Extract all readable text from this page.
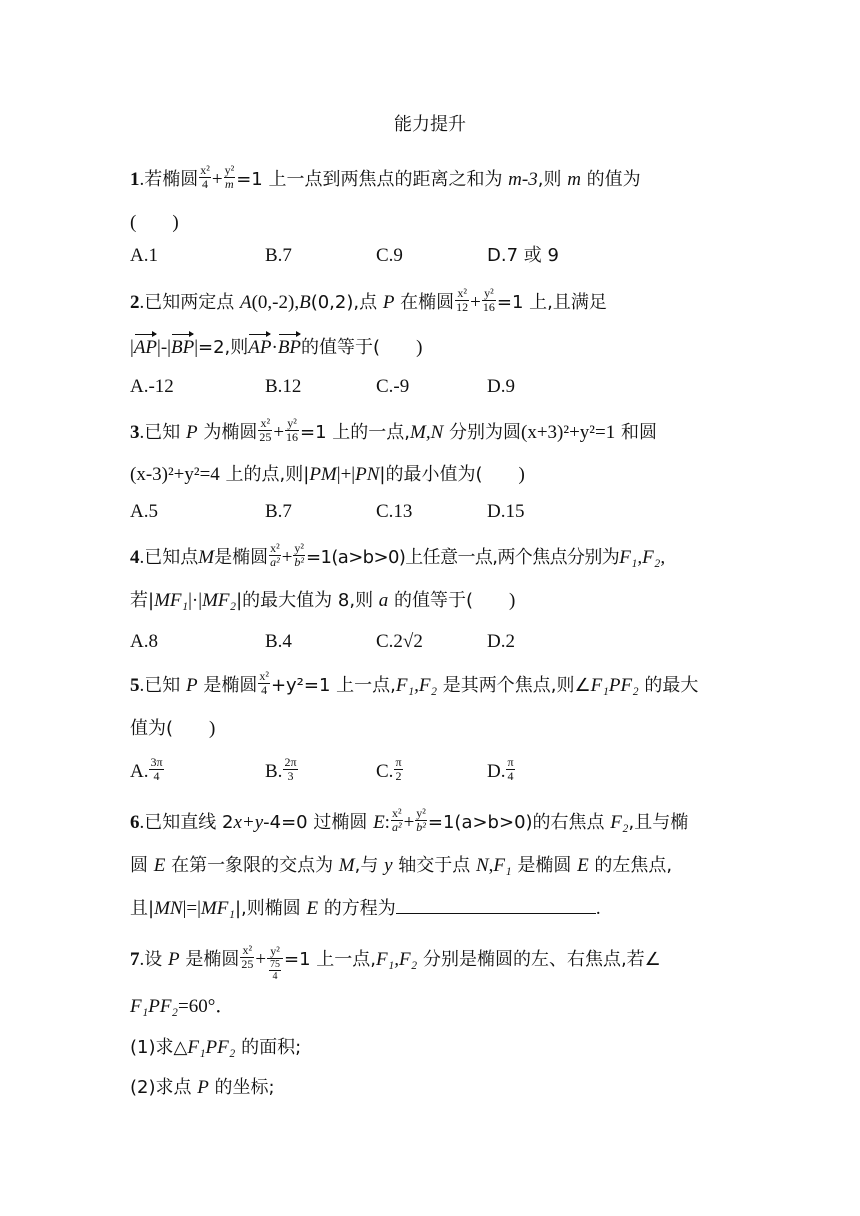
能力提升
1.若椭圆 $\frac{\text{x²}}{4} + \frac{\text{y²}}{m} =1$ 上一点到两焦点的距离之和为 m-3,则 m 的值为
( )
A.1	B.7	C.9	D.7 或 9
2.已知两定点 A(0,-2),B(0,2),点 P 在椭圆 $\frac{\text{x²}}{12} + \frac{\text{y²}}{16} =1$ 上,且满足
|AP|-|BP|=2,则AP·BP的值等于( )
A.-12	B.12	C.-9	D.9
3.已知 P 为椭圆 $\frac{\text{x²}}{25} + \frac{\text{y²}}{16} =1$ 上的一点,M,N 分别为圆(x+3)²+y²=1 和圆
(x-3)²+y²=4 上的点,则|PM|+|PN|的最小值为( )
A.5	B.7	C.13	D.15
4.已知点M是椭圆 $\frac{\text{x²}}{\text{a²}} + \frac{\text{y²}}{\text{b²}} =1(a>b>0)$上任意一点,两个焦点分别为F₁,F₂,
若|MF₁|·|MF₂|的最大值为 8,则 a 的值等于( )
A.8	B.4	C.2√2	D.2
5.已知 P 是椭圆 $\frac{\text{x²}}{4} +y^2=1$ 上一点,F₁,F₂ 是其两个焦点,则∠F₁PF₂ 的最大
值为( )
A. $\frac{3\pi}{4}$	B. $\frac{2\pi}{3}$	C. $\frac{\pi}{2}$	D. $\frac{\pi}{4}$
6.已知直线 2x+y-4=0 过椭圆 E: $\frac{\text{x²}}{\text{a²}} + \frac{\text{y²}}{\text{b²}} =1(a>b>0)$的右焦点 F₂,且与椭
圆 E 在第一象限的交点为 M,与 y 轴交于点 N,F₁ 是椭圆 E 的左焦点,
且|MN|=|MF₁|,则椭圆 E 的方程为	.
7.设 P 是椭圆 $\frac{\text{x²}}{25} + \frac{\text{y²}}{\frac{75}{4}} =1$ 上一点,F₁,F₂ 分别是椭圆的左、右焦点,若∠
F₁PF₂=60°．
(1)求△F₁PF₂ 的面积;
(2)求点 P 的坐标;
